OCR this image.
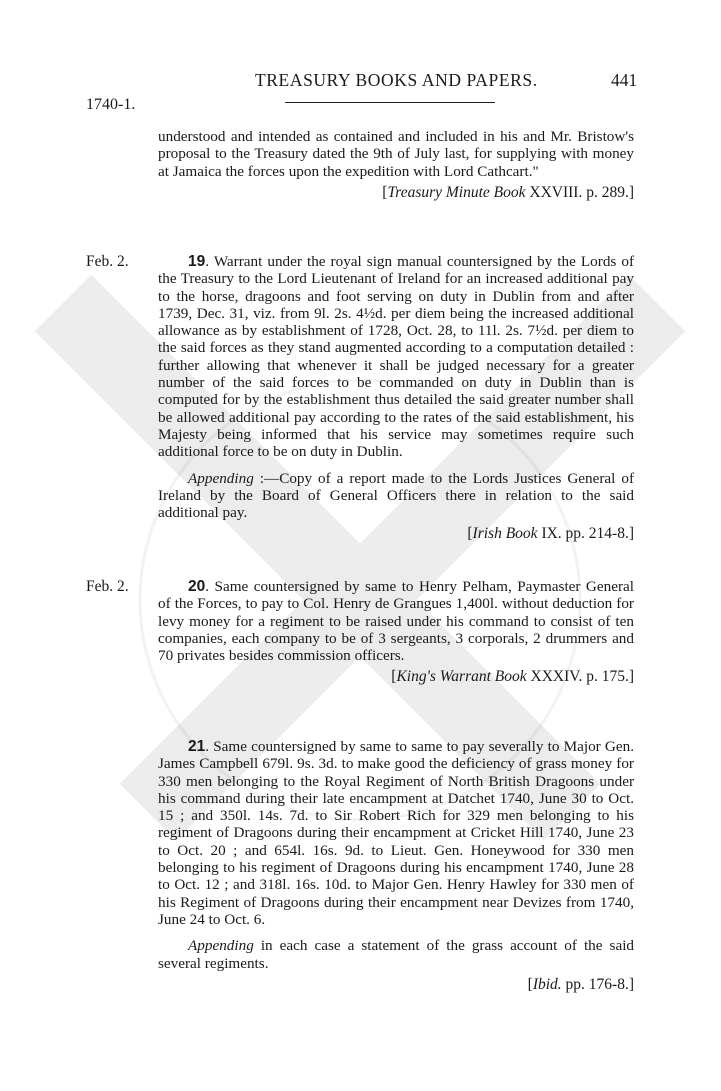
TREASURY BOOKS AND PAPERS.	441
1740-1.

understood and intended as contained and included in his and Mr. Bristow's proposal to the Treasury dated the 9th of July last, for supplying with money at Jamaica the forces upon the expedition with Lord Cathcart."

[Treasury Minute Book XXVIII. p. 289.]

Feb. 2.	19. Warrant under the royal sign manual countersigned by the Lords of the Treasury to the Lord Lieutenant of Ireland for an increased additional pay to the horse, dragoons and foot serving on duty in Dublin from and after 1739, Dec. 31, viz. from 9l. 2s. 4½d. per diem being the increased additional allowance as by establishment of 1728, Oct. 28, to 11l. 2s. 7½d. per diem to the said forces as they stand augmented according to a computation detailed : further allowing that whenever it shall be judged necessary for a greater number of the said forces to be commanded on duty in Dublin than is computed for by the establishment thus detailed the said greater number shall be allowed additional pay according to the rates of the said establishment, his Majesty being informed that his service may sometimes require such additional force to be on duty in Dublin.

Appending :—Copy of a report made to the Lords Justices General of Ireland by the Board of General Officers there in relation to the said additional pay.

[Irish Book IX. pp. 214-8.]

Feb. 2.	20. Same countersigned by same to Henry Pelham, Paymaster General of the Forces, to pay to Col. Henry de Grangues 1,400l. without deduction for levy money for a regiment to be raised under his command to consist of ten companies, each company to be of 3 sergeants, 3 corporals, 2 drummers and 70 privates besides commission officers.

[King's Warrant Book XXXIV. p. 175.]

21. Same countersigned by same to same to pay severally to Major Gen. James Campbell 679l. 9s. 3d. to make good the deficiency of grass money for 330 men belonging to the Royal Regiment of North British Dragoons under his command during their late encampment at Datchet 1740, June 30 to Oct. 15 ; and 350l. 14s. 7d. to Sir Robert Rich for 329 men belonging to his regiment of Dragoons during their encampment at Cricket Hill 1740, June 23 to Oct. 20 ; and 654l. 16s. 9d. to Lieut. Gen. Honeywood for 330 men belonging to his regiment of Dragoons during his encampment 1740, June 28 to Oct. 12 ; and 318l. 16s. 10d. to Major Gen. Henry Hawley for 330 men of his Regiment of Dragoons during their encampment near Devizes from 1740, June 24 to Oct. 6.

Appending in each case a statement of the grass account of the said several regiments.

[Ibid. pp. 176-8.]
